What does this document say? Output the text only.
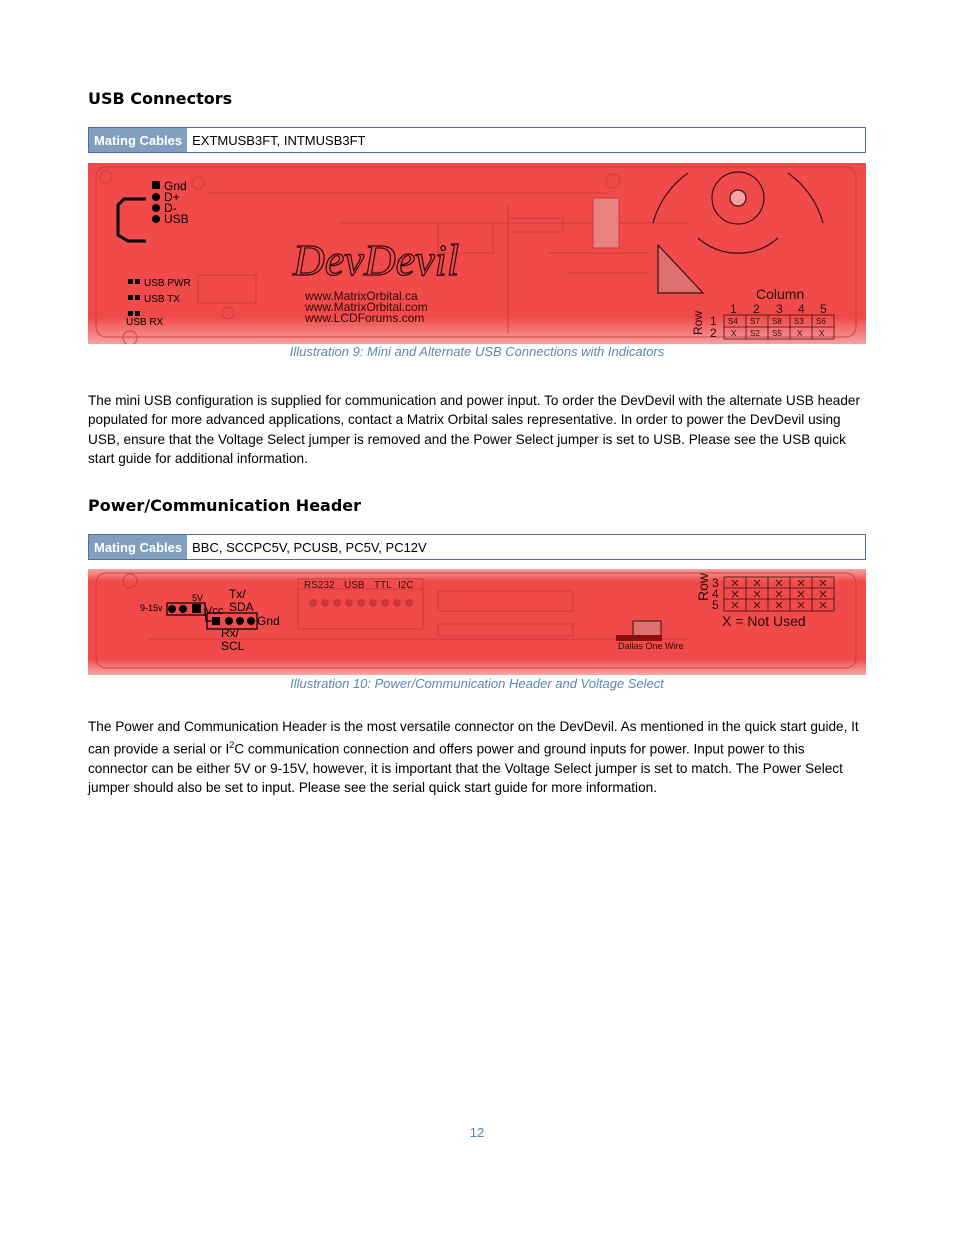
USB Connectors
Mating Cables EXTMUSB3FT, INTMUSB3FT
Gnd
D+
D-
USB
USB PWR
USB TX
USB RX
DevDevil
www.MatrixOrbital.ca
www.MatrixOrbital.com
www.LCDForums.com
Column
1 2 3 4 5
1
2
Row	S4 S7 S8 S3 S6
X S2 S5 X X
Illustration 9: Mini and Alternate USB Connections with Indicators

The mini USB configuration is supplied for communication and power input. To order the DevDevil with the alternate USB header populated for more advanced applications, contact a Matrix Orbital sales representative. In order to power the DevDevil using USB, ensure that the Voltage Select jumper is removed and the Power Select jumper is set to USB. Please see the USB quick start guide for additional information.

Power/Communication Header
Mating Cables BBC, SCCPC5V, PCUSB, PC5V, PC12V
9-15v
5V
Vcc
Tx/
SDA
Gnd
Rx/
SCL
RS232 USB TTL I2C	Row 3
4
5
X = Not Used
Dallas One Wire
Illustration 10: Power/Communication Header and Voltage Select

The Power and Communication Header is the most versatile connector on the DevDevil. As mentioned in the quick start guide, It can provide a serial or $I^2C$ communication connection and offers power and ground inputs for power. Input power to this connector can be either 5V or 9-15V, however, it is important that the Voltage Select jumper is set to match. The Power Select jumper should also be set to input. Please see the serial quick start guide for more information.

12
